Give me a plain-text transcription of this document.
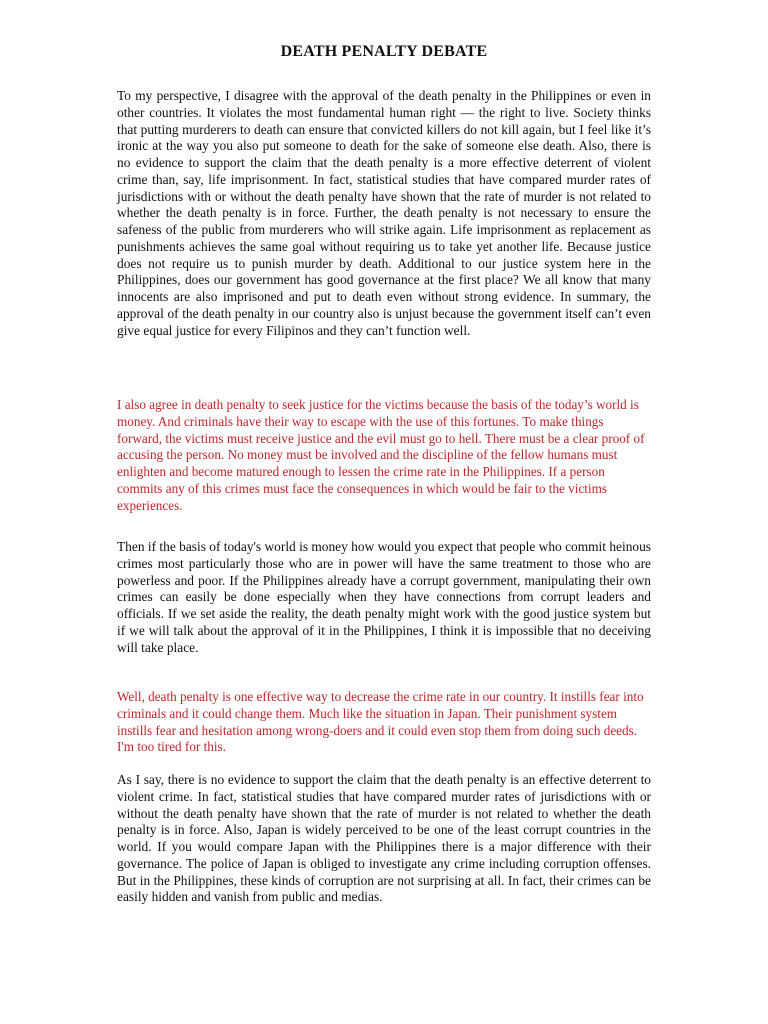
DEATH PENALTY DEBATE

To my perspective, I disagree with the approval of the death penalty in the Philippines or even in other countries. It violates the most fundamental human right — the right to live. Society thinks that putting murderers to death can ensure that convicted killers do not kill again, but I feel like it’s ironic at the way you also put someone to death for the sake of someone else death. Also, there is no evidence to support the claim that the death penalty is a more effective deterrent of violent crime than, say, life imprisonment. In fact, statistical studies that have compared murder rates of jurisdictions with or without the death penalty have shown that the rate of murder is not related to whether the death penalty is in force. Further, the death penalty is not necessary to ensure the safeness of the public from murderers who will strike again. Life imprisonment as replacement as punishments achieves the same goal without requiring us to take yet another life. Because justice does not require us to punish murder by death. Additional to our justice system here in the Philippines, does our government has good governance at the first place? We all know that many innocents are also imprisoned and put to death even without strong evidence. In summary, the approval of the death penalty in our country also is unjust because the government itself can’t even give equal justice for every Filipinos and they can’t function well.

I also agree in death penalty to seek justice for the victims because the basis of the today’s world is money. And criminals have their way to escape with the use of this fortunes. To make things forward, the victims must receive justice and the evil must go to hell. There must be a clear proof of accusing the person. No money must be involved and the discipline of the fellow humans must enlighten and become matured enough to lessen the crime rate in the Philippines. If a person commits any of this crimes must face the consequences in which would be fair to the victims experiences.

Then if the basis of today's world is money how would you expect that people who commit heinous crimes most particularly those who are in power will have the same treatment to those who are powerless and poor. If the Philippines already have a corrupt government, manipulating their own crimes can easily be done especially when they have connections from corrupt leaders and officials. If we set aside the reality, the death penalty might work with the good justice system but if we will talk about the approval of it in the Philippines, I think it is impossible that no deceiving will take place.

Well, death penalty is one effective way to decrease the crime rate in our country. It instills fear into criminals and it could change them. Much like the situation in Japan. Their punishment system instills fear and hesitation among wrong-doers and it could even stop them from doing such deeds. I'm too tired for this.

As I say, there is no evidence to support the claim that the death penalty is an effective deterrent to violent crime. In fact, statistical studies that have compared murder rates of jurisdictions with or without the death penalty have shown that the rate of murder is not related to whether the death penalty is in force. Also, Japan is widely perceived to be one of the least corrupt countries in the world. If you would compare Japan with the Philippines there is a major difference with their governance. The police of Japan is obliged to investigate any crime including corruption offenses. But in the Philippines, these kinds of corruption are not surprising at all. In fact, their crimes can be easily hidden and vanish from public and medias.
